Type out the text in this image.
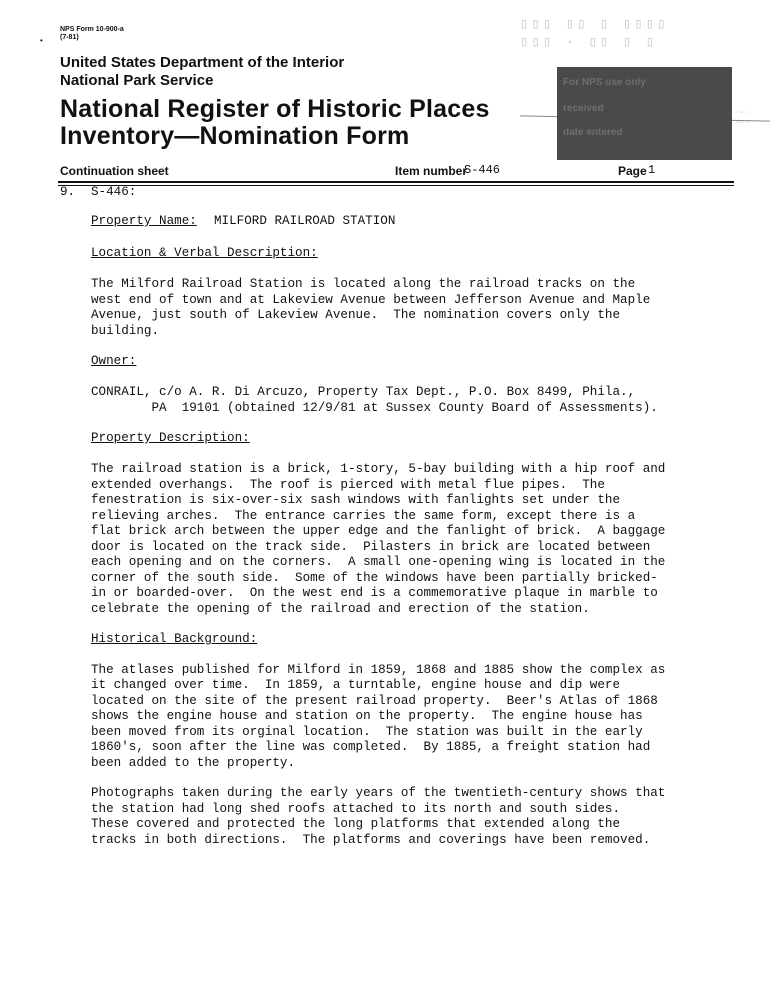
NPS Form 10-900-a
(7-81)
•
▯▯▯ ▯▯ ▯ ▯▯▯▯
▯▯▯ · ▯▯ ▯ ▯
United States Department of the Interior
National Park Service
National Register of Historic Places
Inventory—Nomination Form
For NPS use only
received
date entered
· ·· ·
···· ·
Continuation sheet	Item number
S-446	Page 1

9.

S-446:

Property Name:

MILFORD RAILROAD STATION

Location & Verbal Description:

The Milford Railroad Station is located along the railroad tracks on the

west end of town and at Lakeview Avenue between Jefferson Avenue and Maple

Avenue, just south of Lakeview Avenue.  The nomination covers only the

building.

Owner:

CONRAIL, c/o A. R. Di Arcuzo, Property Tax Dept., P.O. Box 8499, Phila.,

PA  19101 (obtained 12/9/81 at Sussex County Board of Assessments).

Property Description:

The railroad station is a brick, 1-story, 5-bay building with a hip roof and

extended overhangs.  The roof is pierced with metal flue pipes.  The

fenestration is six-over-six sash windows with fanlights set under the

relieving arches.  The entrance carries the same form, except there is a

flat brick arch between the upper edge and the fanlight of brick.  A baggage

door is located on the track side.  Pilasters in brick are located between

each opening and on the corners.  A small one-opening wing is located in the

corner of the south side.  Some of the windows have been partially bricked-

in or boarded-over.  On the west end is a commemorative plaque in marble to

celebrate the opening of the railroad and erection of the station.

Historical Background:

The atlases published for Milford in 1859, 1868 and 1885 show the complex as

it changed over time.  In 1859, a turntable, engine house and dip were

located on the site of the present railroad property.  Beer's Atlas of 1868

shows the engine house and station on the property.  The engine house has

been moved from its orginal location.  The station was built in the early

1860's, soon after the line was completed.  By 1885, a freight station had

been added to the property.

Photographs taken during the early years of the twentieth-century shows that

the station had long shed roofs attached to its north and south sides.

These covered and protected the long platforms that extended along the

tracks in both directions.  The platforms and coverings have been removed.
